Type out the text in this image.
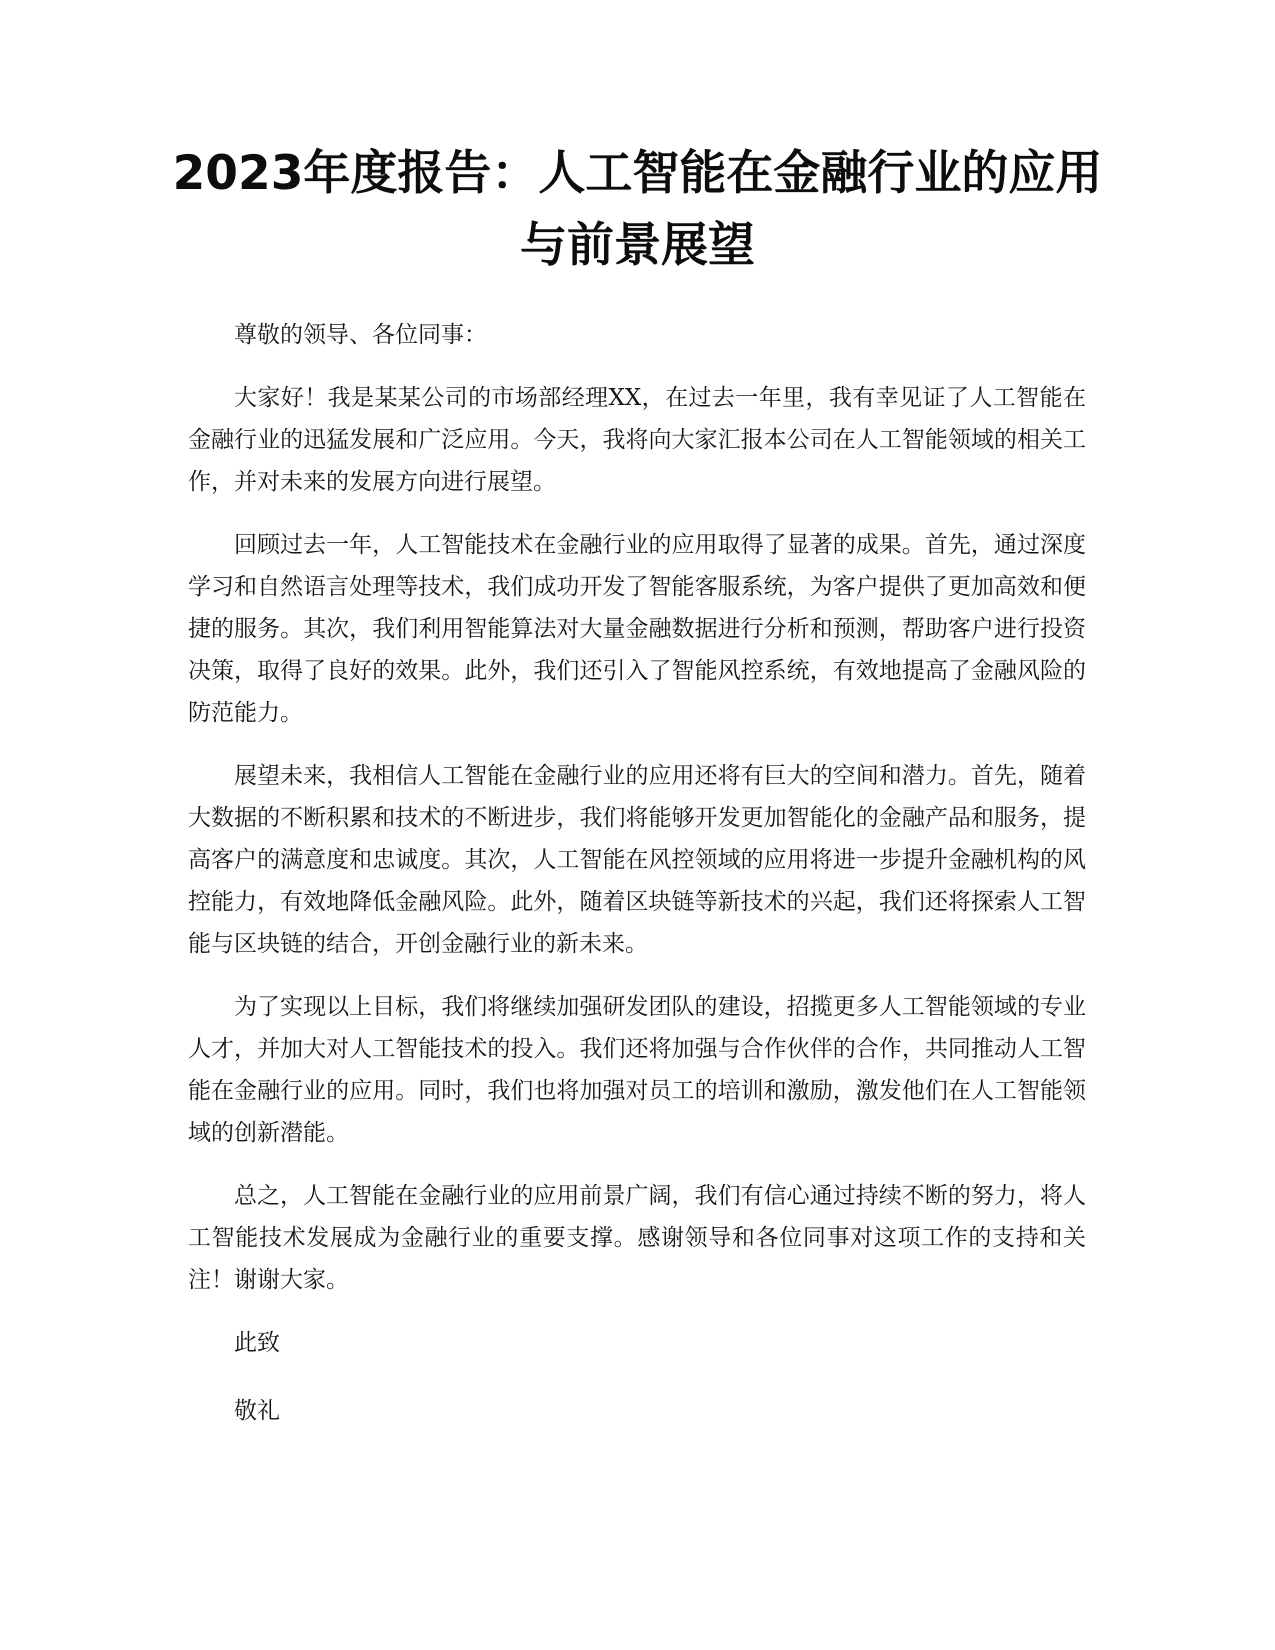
2023年度报告：人工智能在金融行业的应用与前景展望

尊敬的领导、各位同事：

大家好！我是某某公司的市场部经理XX，在过去一年里，我有幸见证了人工智能在金融行业的迅猛发展和广泛应用。今天，我将向大家汇报本公司在人工智能领域的相关工作，并对未来的发展方向进行展望。

回顾过去一年，人工智能技术在金融行业的应用取得了显著的成果。首先，通过深度学习和自然语言处理等技术，我们成功开发了智能客服系统，为客户提供了更加高效和便捷的服务。其次，我们利用智能算法对大量金融数据进行分析和预测，帮助客户进行投资决策，取得了良好的效果。此外，我们还引入了智能风控系统，有效地提高了金融风险的防范能力。

展望未来，我相信人工智能在金融行业的应用还将有巨大的空间和潜力。首先，随着大数据的不断积累和技术的不断进步，我们将能够开发更加智能化的金融产品和服务，提高客户的满意度和忠诚度。其次，人工智能在风控领域的应用将进一步提升金融机构的风控能力，有效地降低金融风险。此外，随着区块链等新技术的兴起，我们还将探索人工智能与区块链的结合，开创金融行业的新未来。

为了实现以上目标，我们将继续加强研发团队的建设，招揽更多人工智能领域的专业人才，并加大对人工智能技术的投入。我们还将加强与合作伙伴的合作，共同推动人工智能在金融行业的应用。同时，我们也将加强对员工的培训和激励，激发他们在人工智能领域的创新潜能。

总之，人工智能在金融行业的应用前景广阔，我们有信心通过持续不断的努力，将人工智能技术发展成为金融行业的重要支撑。感谢领导和各位同事对这项工作的支持和关注！谢谢大家。

此致

敬礼
